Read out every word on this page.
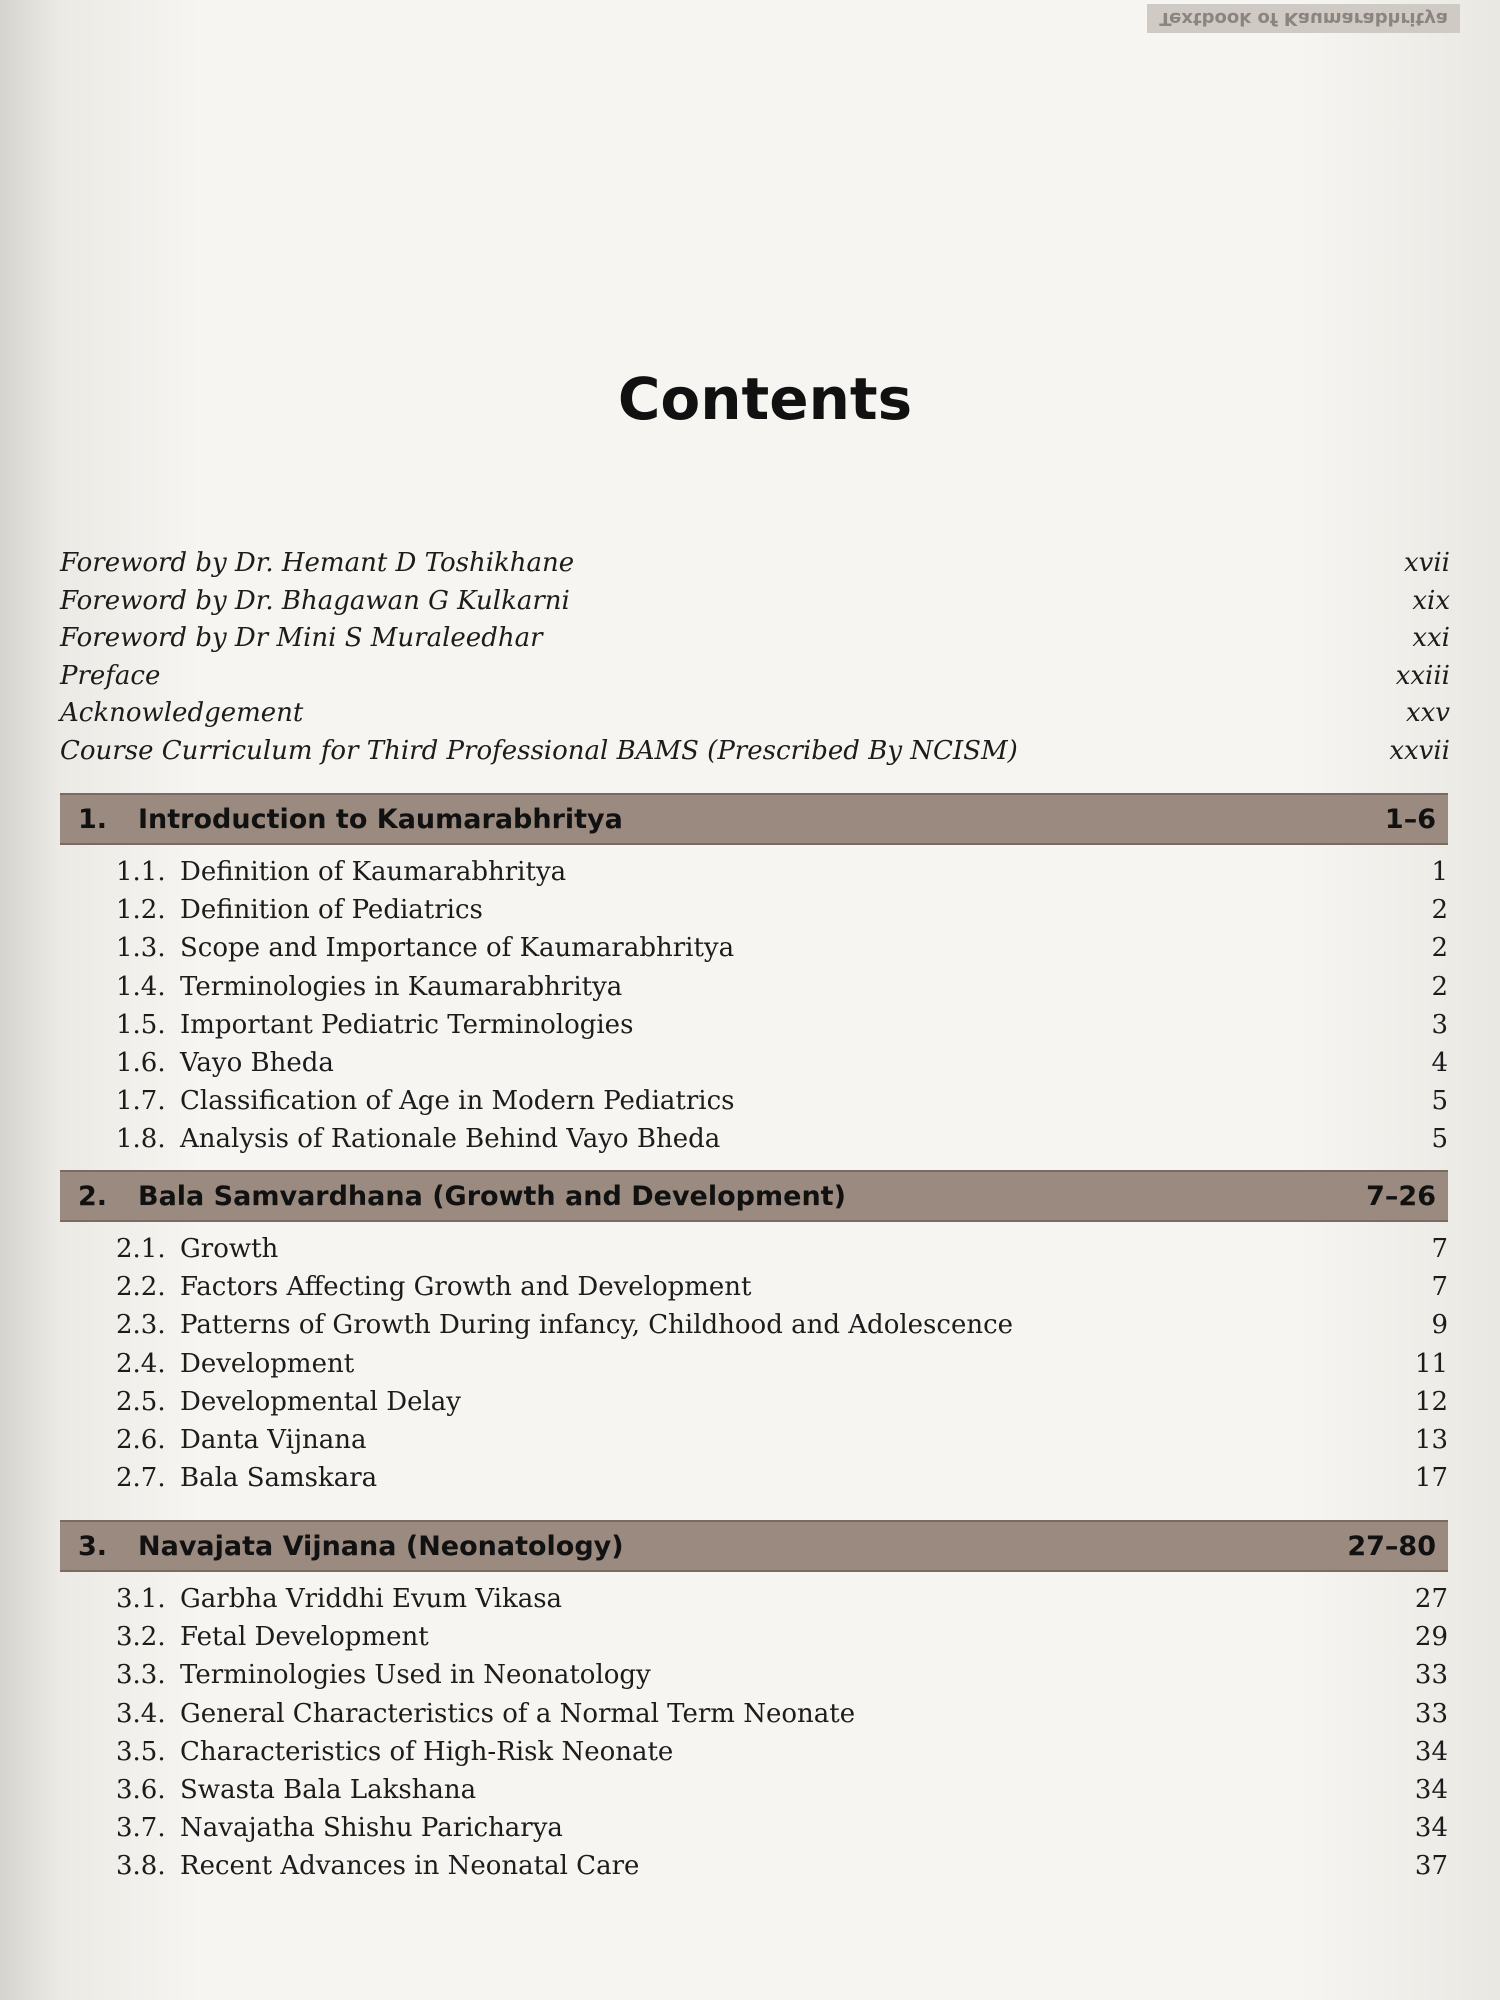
Textbook of Kaumarabhritya
Contents
Foreword by Dr. Hemant D Toshikhane	xvii
Foreword by Dr. Bhagawan G Kulkarni	xix
Foreword by Dr Mini S Muraleedhar	xxi
Preface	xxiii
Acknowledgement	xxv
Course Curriculum for Third Professional BAMS (Prescribed By NCISM)	xxvii
1.	Introduction to Kaumarabhritya	1–6
1.1. Definition of Kaumarabhritya	1
1.2. Definition of Pediatrics	2
1.3. Scope and Importance of Kaumarabhritya	2
1.4. Terminologies in Kaumarabhritya	2
1.5. Important Pediatric Terminologies	3
1.6. Vayo Bheda	4
1.7. Classification of Age in Modern Pediatrics	5
1.8. Analysis of Rationale Behind Vayo Bheda	5
2.	Bala Samvardhana (Growth and Development)	7–26
2.1. Growth	7
2.2. Factors Affecting Growth and Development	7
2.3. Patterns of Growth During infancy, Childhood and Adolescence	9
2.4. Development	11
2.5. Developmental Delay	12
2.6. Danta Vijnana	13
2.7. Bala Samskara	17
3.	Navajata Vijnana (Neonatology)	27–80
3.1. Garbha Vriddhi Evum Vikasa	27
3.2. Fetal Development	29
3.3. Terminologies Used in Neonatology	33
3.4. General Characteristics of a Normal Term Neonate	33
3.5. Characteristics of High-Risk Neonate	34
3.6. Swasta Bala Lakshana	34
3.7. Navajatha Shishu Paricharya	34
3.8. Recent Advances in Neonatal Care	37
